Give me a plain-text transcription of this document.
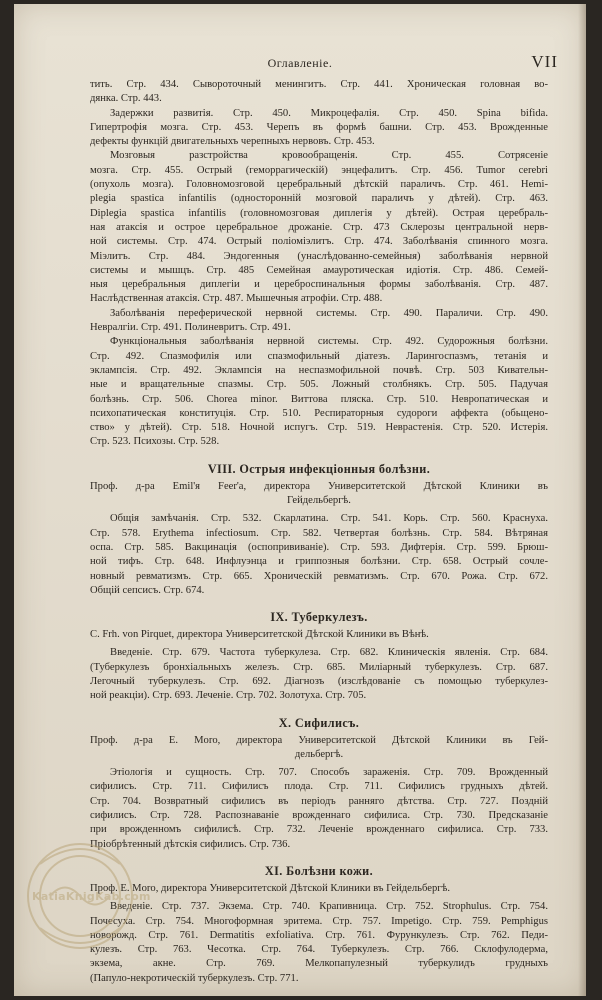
Оглавленіе.	VII
тить. Стр. 434. Сывороточный менингитъ. Стр. 441. Хроническая головная во-
дянка. Стр. 443.
Задержки развитія. Стр. 450. Микроцефалія. Стр. 450. Spina bifida.
Гипертрофія мозга. Стр. 453. Черепъ въ формѣ башни. Стр. 453. Врожденные
дефекты функцій двигательныхъ черепныхъ нервовъ. Стр. 453.
Мозговыя разстройства кровообращенія. Стр. 455. Сотрясеніе
мозга. Стр. 455. Острый (геморрагическій) энцефалитъ. Стр. 456. Tumor cerebri
(опухоль мозга). Головномозговой церебральный дѣтскій параличъ. Стр. 461. Hemi-
plegia spastica infantilis (односторонній мозговой параличъ у дѣтей). Стр. 463.
Diplegia spastica infantilis (головномозговая диплегія у дѣтей). Острая церебраль-
ная атаксія и острое церебральное дрожаніе. Стр. 473 Склерозы центральной нерв-
ной системы. Стр. 474. Острый поліоміэлитъ. Стр. 474. Заболѣванія спинного мозга.
Міэлитъ. Стр. 484. Эндогенныя (унаслѣдованно-семейныя) заболѣванія нервной
системы и мышцъ. Стр. 485 Семейная амауротическая идіотія. Стр. 486. Семей-
ныя церебральныя диплегіи и цереброспинальныя формы заболѣванія. Стр. 487.
Наслѣдственная атаксія. Стр. 487. Мышечныя атрофіи. Стр. 488.
Заболѣванія переферической нервной системы. Стр. 490. Параличи. Стр. 490.
Невралгіи. Стр. 491. Полиневритъ. Стр. 491.
Функціональныя заболѣванія нервной системы. Стр. 492. Судорожныя болѣзни.
Стр. 492. Спазмофилія или спазмофильный діатезъ. Ларингоспазмъ, тетанія и
эклампсія. Стр. 492. Эклампсія на неспазмофильной почвѣ. Стр. 503 Кивательн-
ные и вращательные спазмы. Стр. 505. Ложный столбнякъ. Стр. 505. Падучая
болѣзнь. Стр. 506. Chorea minor. Виттова пляска. Стр. 510. Невропатическая и
психопатическая конституція. Стр. 510. Респираторныя судороги аффекта (обьщено-
ство» у дѣтей). Стр. 518. Ночной испугъ. Стр. 519. Неврастенія. Стр. 520. Истерія.
Стр. 523. Психозы. Стр. 528.
VIII. Острыя инфекціонныя болѣзни.
Проф. д-ра Emil'я Feer'а, директора Университетской Дѣтской Клиники въ
Гейдельбергѣ.
Общія замѣчанія. Стр. 532. Скарлатина. Стр. 541. Корь. Стр. 560. Краснуха.
Стр. 578. Erythema infectiosum. Стр. 582. Четвертая болѣзнь. Стр. 584. Вѣтряная
оспа. Стр. 585. Вакцинація (оспопрививаніе). Стр. 593. Дифтерія. Стр. 599. Брюш-
ной тифъ. Стр. 648. Инфлуэнца и гриппозныя болѣзни. Стр. 658. Острый сочле-
новный ревматизмъ. Стр. 665. Хроническій ревматизмъ. Стр. 670. Рожа. Стр. 672.
Общій сепсисъ. Стр. 674.
IX. Туберкулезъ.
C. Frh. von Pirquet, директора Университетской Дѣтской Клиники въ Вѣнѣ.
Введеніе. Стр. 679. Частота туберкулеза. Стр. 682. Клиническія явленія. Стр. 684.
(Туберкулезъ бронхіальныхъ железъ. Стр. 685. Миліарный туберкулезъ. Стр. 687.
Легочный туберкулезъ. Стр. 692. Діагнозъ (изслѣдованіе съ помощью туберкулез-
ной реакціи). Стр. 693. Леченіе. Стр. 702. Золотуха. Стр. 705.
X. Сифилисъ.
Проф. д-ра E. Moro, директора Университетской Дѣтской Клиники въ Гей-
дельбергѣ.
Этіологія и сущность. Стр. 707. Способъ зараженія. Стр. 709. Врожденный
сифилисъ. Стр. 711. Сифилисъ плода. Стр. 711. Сифилисъ грудныхъ дѣтей.
Стр. 704. Возвратный сифилисъ въ періодъ ранняго дѣтства. Стр. 727. Поздній
сифилисъ. Стр. 728. Распознаваніе врожденнаго сифилиса. Стр. 730. Предсказаніе
при врожденномъ сифилисѣ. Стр. 732. Леченіе врожденнаго сифилиса. Стр. 733.
Пріобрѣтенный дѣтскія сифилисъ. Стр. 736.
XI. Болѣзни кожи.
Проф. E. Moro, директора Университетской Дѣтской Клиники въ Гейдельбергѣ.
Введеніе. Стр. 737. Экзема. Стр. 740. Крапивница. Стр. 752. Strophulus. Стр. 754.
Почесуха. Стр. 754. Многоформная эритема. Стр. 757. Impetigo. Стр. 759. Pemphigus
новорожд. Стр. 761. Dermatitis exfoliativa. Стр. 761. Фурункулезъ. Стр. 762. Педи-
кулезъ. Стр. 763. Чесотка. Стр. 764. Туберкулезъ. Стр. 766. Склофулодерма,
экзема, акне. Стр. 769. Мелкопапулезный туберкулидъ грудныхъ
(Папуло-некротическій туберкулезъ. Стр. 771.
KatiaKnigKab.com
